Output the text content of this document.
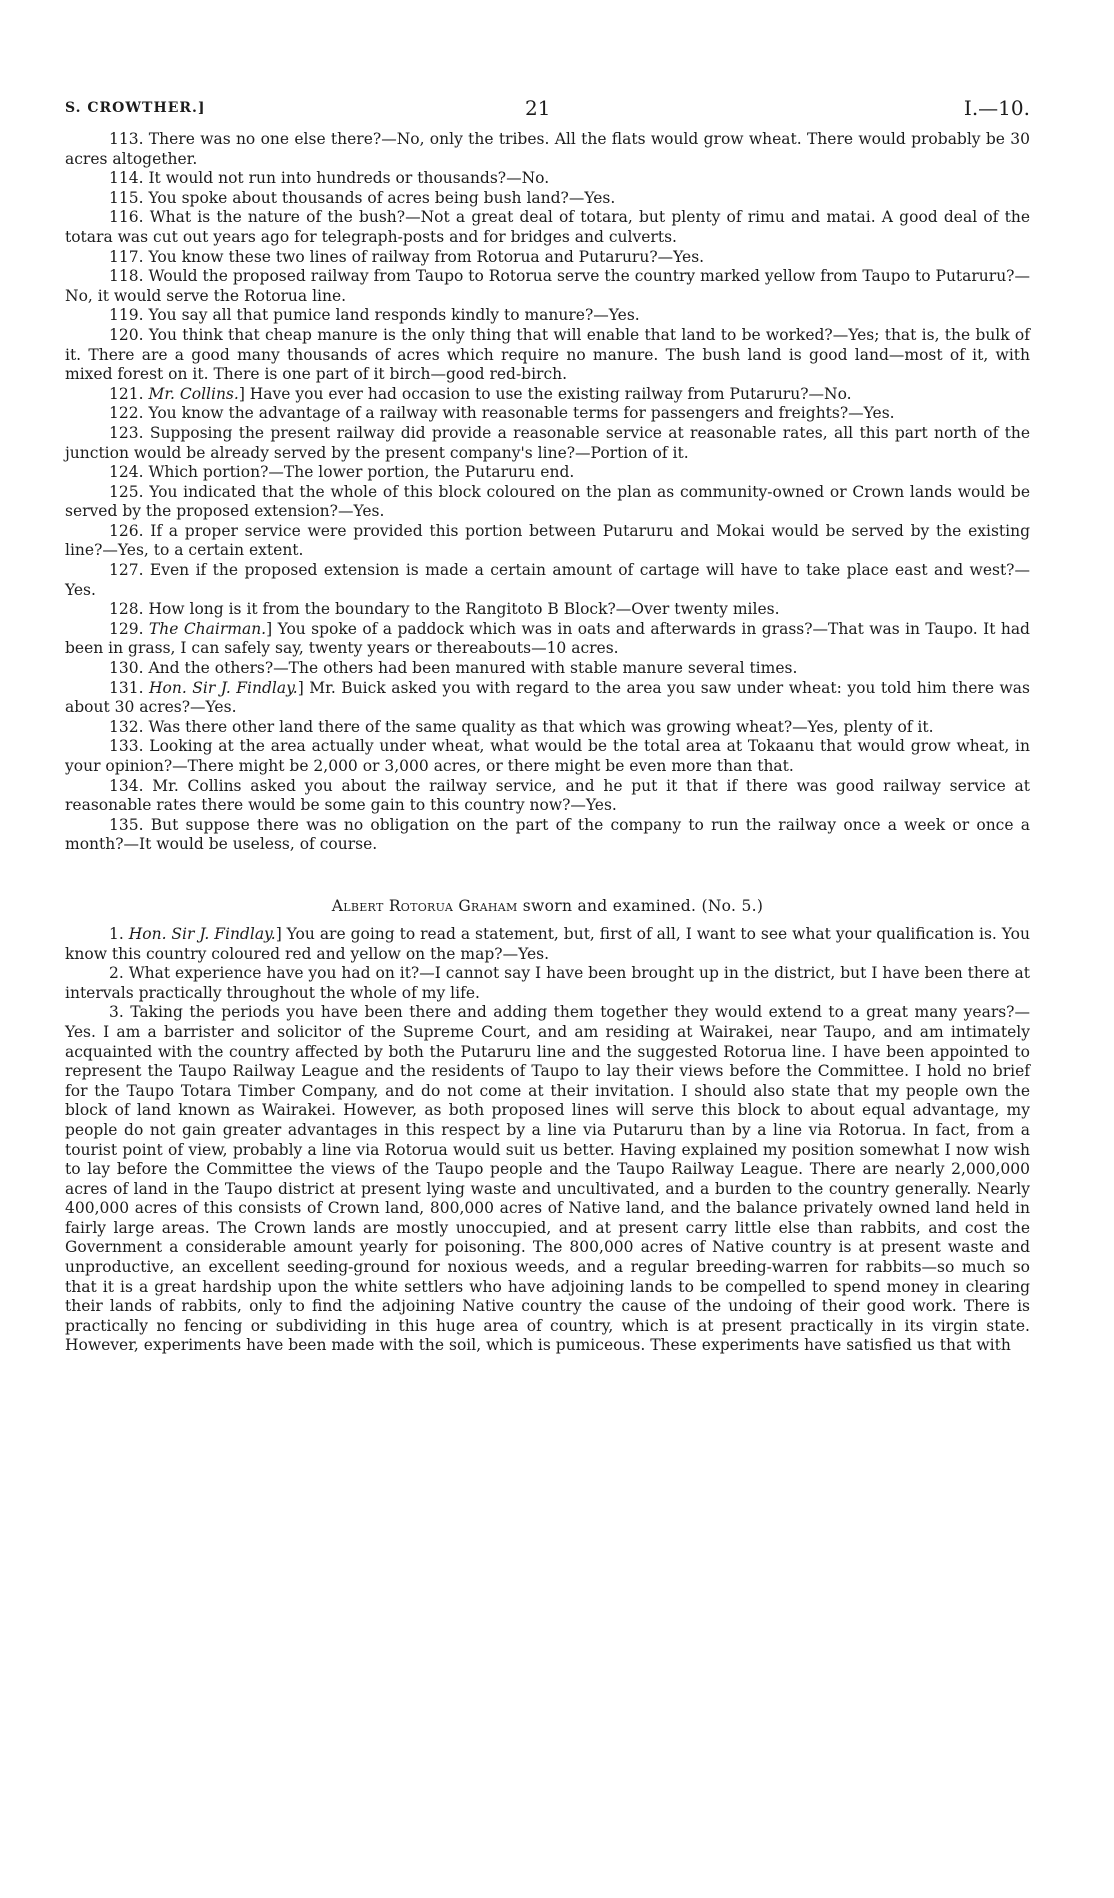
S. CROWTHER.]	21	I.—10.

113. There was no one else there?—No, only the tribes. All the flats would grow wheat. There would probably be 30 acres altogether.

114. It would not run into hundreds or thousands?—No.

115. You spoke about thousands of acres being bush land?—Yes.

116. What is the nature of the bush?—Not a great deal of totara, but plenty of rimu and matai. A good deal of the totara was cut out years ago for telegraph-posts and for bridges and culverts.

117. You know these two lines of railway from Rotorua and Putaruru?—Yes.

118. Would the proposed railway from Taupo to Rotorua serve the country marked yellow from Taupo to Putaruru?—No, it would serve the Rotorua line.

119. You say all that pumice land responds kindly to manure?—Yes.

120. You think that cheap manure is the only thing that will enable that land to be worked?—Yes; that is, the bulk of it. There are a good many thousands of acres which require no manure. The bush land is good land—most of it, with mixed forest on it. There is one part of it birch—good red-birch.

121. Mr. Collins.] Have you ever had occasion to use the existing railway from Putaruru?—No.

122. You know the advantage of a railway with reasonable terms for passengers and freights?—Yes.

123. Supposing the present railway did provide a reasonable service at reasonable rates, all this part north of the junction would be already served by the present company's line?—Portion of it.

124. Which portion?—The lower portion, the Putaruru end.

125. You indicated that the whole of this block coloured on the plan as community-owned or Crown lands would be served by the proposed extension?—Yes.

126. If a proper service were provided this portion between Putaruru and Mokai would be served by the existing line?—Yes, to a certain extent.

127. Even if the proposed extension is made a certain amount of cartage will have to take place east and west?—Yes.

128. How long is it from the boundary to the Rangitoto B Block?—Over twenty miles.

129. The Chairman.] You spoke of a paddock which was in oats and afterwards in grass?—That was in Taupo. It had been in grass, I can safely say, twenty years or thereabouts—10 acres.

130. And the others?—The others had been manured with stable manure several times.

131. Hon. Sir J. Findlay.] Mr. Buick asked you with regard to the area you saw under wheat: you told him there was about 30 acres?—Yes.

132. Was there other land there of the same quality as that which was growing wheat?—Yes, plenty of it.

133. Looking at the area actually under wheat, what would be the total area at Tokaanu that would grow wheat, in your opinion?—There might be 2,000 or 3,000 acres, or there might be even more than that.

134. Mr. Collins asked you about the railway service, and he put it that if there was good railway service at reasonable rates there would be some gain to this country now?—Yes.

135. But suppose there was no obligation on the part of the company to run the railway once a week or once a month?—It would be useless, of course.

Albert Rotorua Graham sworn and examined. (No. 5.)

1. Hon. Sir J. Findlay.] You are going to read a statement, but, first of all, I want to see what your qualification is. You know this country coloured red and yellow on the map?—Yes.

2. What experience have you had on it?—I cannot say I have been brought up in the district, but I have been there at intervals practically throughout the whole of my life.

3. Taking the periods you have been there and adding them together they would extend to a great many years?—Yes. I am a barrister and solicitor of the Supreme Court, and am residing at Wairakei, near Taupo, and am intimately acquainted with the country affected by both the Putaruru line and the suggested Rotorua line. I have been appointed to represent the Taupo Railway League and the residents of Taupo to lay their views before the Committee. I hold no brief for the Taupo Totara Timber Company, and do not come at their invitation. I should also state that my people own the block of land known as Wairakei. However, as both proposed lines will serve this block to about equal advantage, my people do not gain greater advantages in this respect by a line via Putaruru than by a line via Rotorua. In fact, from a tourist point of view, probably a line via Rotorua would suit us better. Having explained my position somewhat I now wish to lay before the Committee the views of the Taupo people and the Taupo Railway League. There are nearly 2,000,000 acres of land in the Taupo district at present lying waste and uncultivated, and a burden to the country generally. Nearly 400,000 acres of this consists of Crown land, 800,000 acres of Native land, and the balance privately owned land held in fairly large areas. The Crown lands are mostly unoccupied, and at present carry little else than rabbits, and cost the Government a considerable amount yearly for poisoning. The 800,000 acres of Native country is at present waste and unproductive, an excellent seeding-ground for noxious weeds, and a regular breeding-warren for rabbits—so much so that it is a great hardship upon the white settlers who have adjoining lands to be compelled to spend money in clearing their lands of rabbits, only to find the adjoining Native country the cause of the undoing of their good work. There is practically no fencing or subdividing in this huge area of country, which is at present practically in its virgin state. However, experiments have been made with the soil, which is pumiceous. These experiments have satisfied us that with
